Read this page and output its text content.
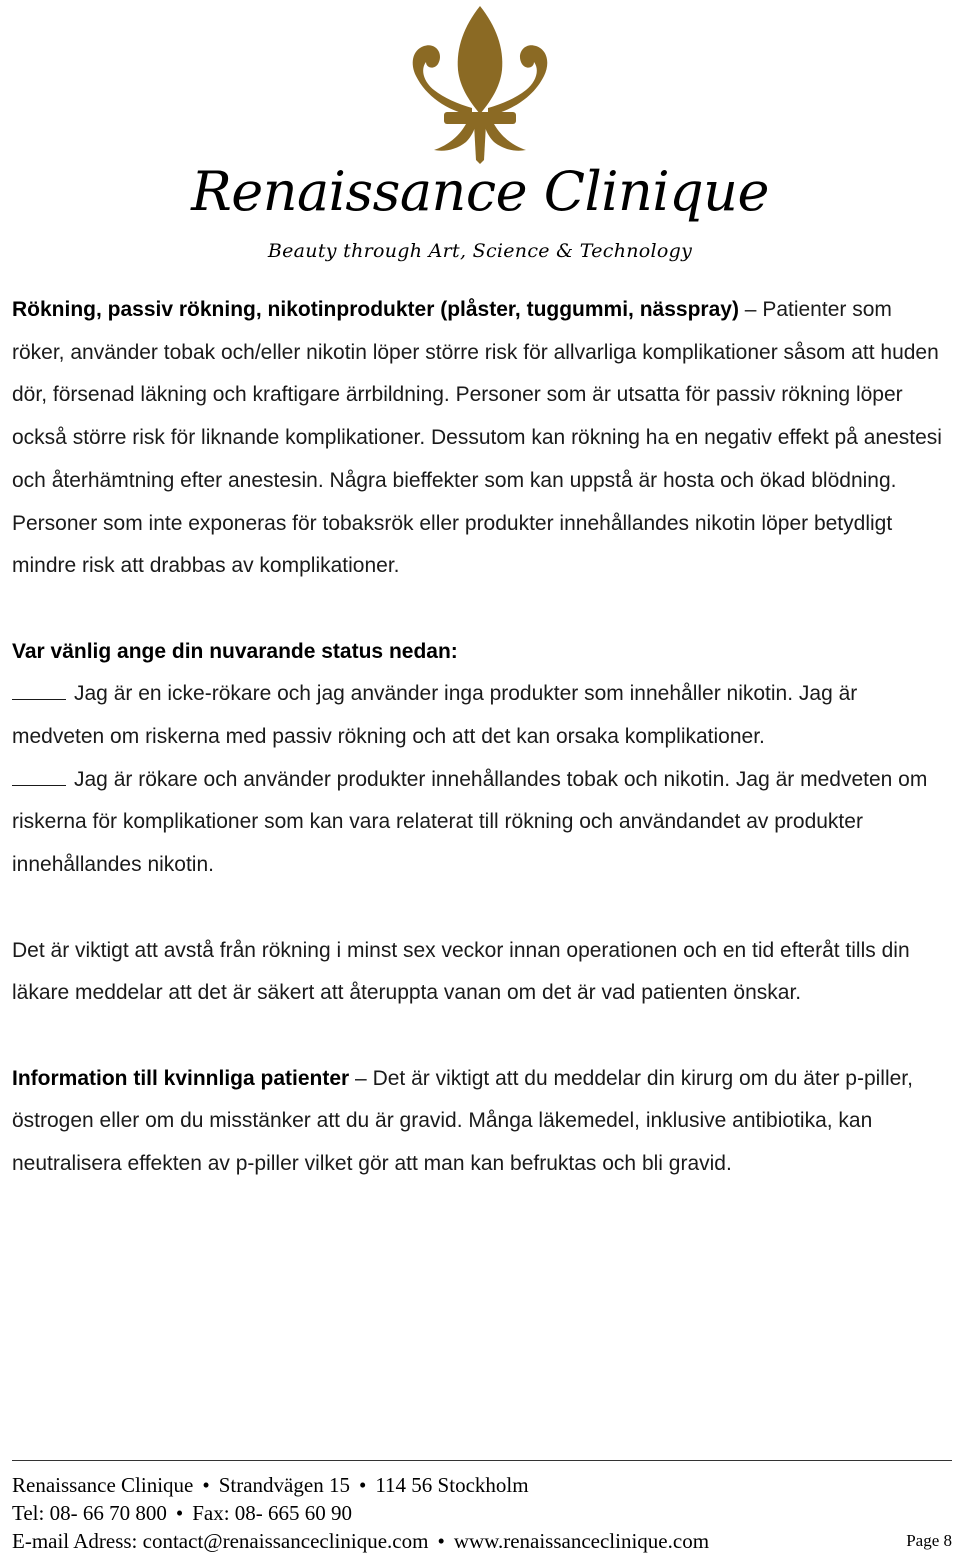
Renaissance Clinique
Beauty through Art, Science & Technology

Rökning, passiv rökning, nikotinprodukter (plåster, tuggummi, nässpray) – Patienter som röker, använder tobak och/eller nikotin löper större risk för allvarliga komplikationer såsom att huden dör, försenad läkning och kraftigare ärrbildning. Personer som är utsatta för passiv rökning löper också större risk för liknande komplikationer. Dessutom kan rökning ha en negativ effekt på anestesi och återhämtning efter anestesin. Några bieffekter som kan uppstå är hosta och ökad blödning. Personer som inte exponeras för tobaksrök eller produkter innehållandes nikotin löper betydligt mindre risk att drabbas av komplikationer.

Var vänlig ange din nuvarande status nedan:

Jag är en icke-rökare och jag använder inga produkter som innehåller nikotin. Jag är medveten om riskerna med passiv rökning och att det kan orsaka komplikationer.

Jag är rökare och använder produkter innehållandes tobak och nikotin. Jag är medveten om riskerna för komplikationer som kan vara relaterat till rökning och användandet av produkter innehållandes nikotin.

Det är viktigt att avstå från rökning i minst sex veckor innan operationen och en tid efteråt tills din läkare meddelar att det är säkert att återuppta vanan om det är vad patienten önskar.

Information till kvinnliga patienter – Det är viktigt att du meddelar din kirurg om du äter p-piller, östrogen eller om du misstänker att du är gravid. Många läkemedel, inklusive antibiotika, kan neutralisera effekten av p-piller vilket gör att man kan befruktas och bli gravid.

Renaissance Clinique • Strandvägen 15 • 114 56 Stockholm
Tel: 08- 66 70 800 • Fax: 08- 665 60 90
E-mail Adress: contact@renaissanceclinique.com • www.renaissanceclinique.com	Page 8
